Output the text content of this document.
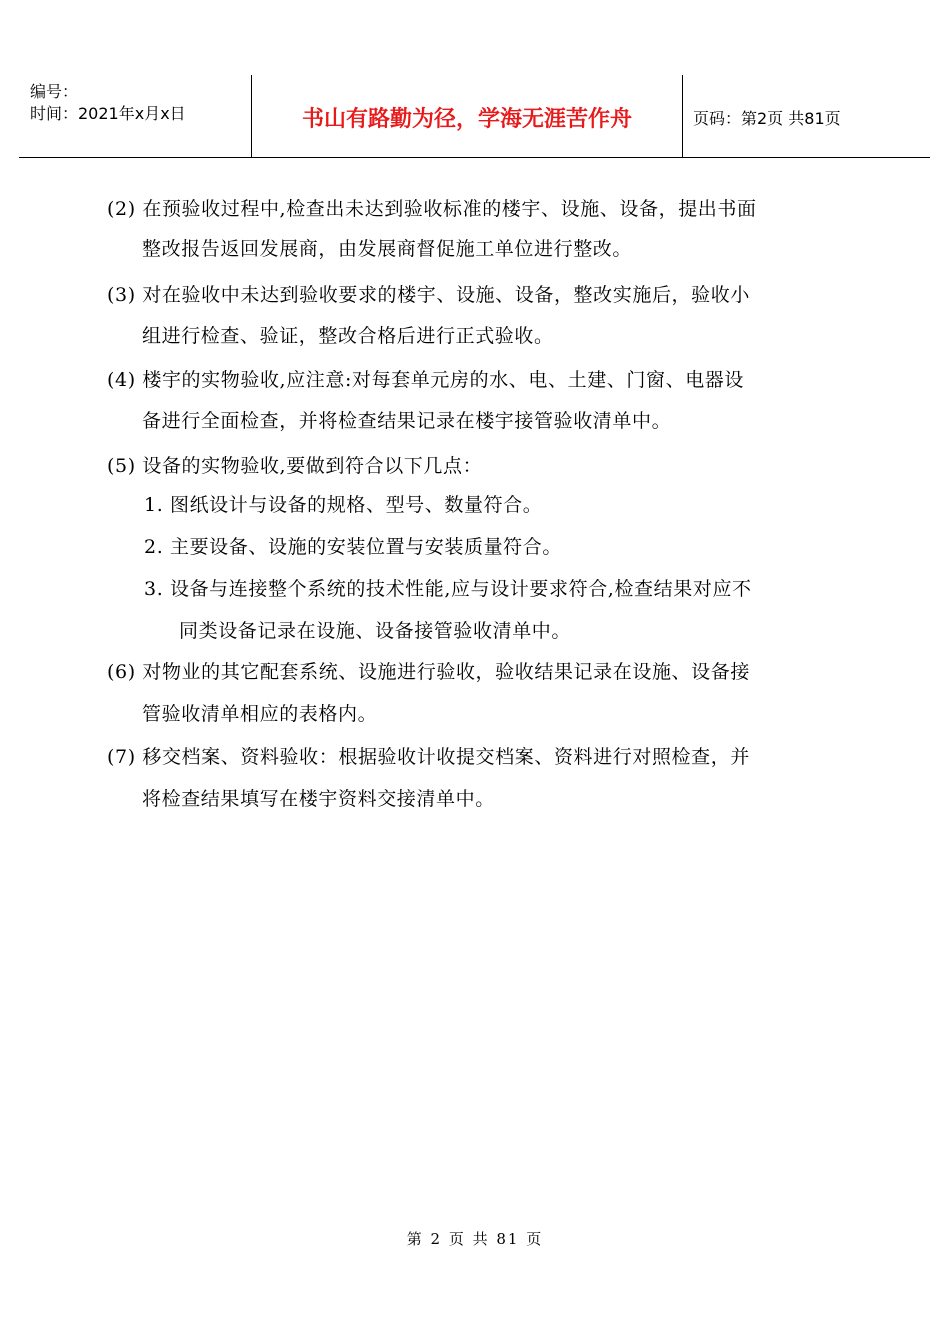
编号：
时间：2021年x月x日	书山有路勤为径，学海无涯苦作舟	页码：第2页 共81页
(2) 在预验收过程中,检查出未达到验收标准的楼宇、设施、设备，提出书面
整改报告返回发展商，由发展商督促施工单位进行整改。
(3) 对在验收中未达到验收要求的楼宇、设施、设备，整改实施后，验收小
组进行检查、验证，整改合格后进行正式验收。
(4) 楼宇的实物验收,应注意:对每套单元房的水、电、土建、门窗、电器设
备进行全面检查，并将检查结果记录在楼宇接管验收清单中。
(5) 设备的实物验收,要做到符合以下几点：
1. 图纸设计与设备的规格、型号、数量符合。
2. 主要设备、设施的安装位置与安装质量符合。
3. 设备与连接整个系统的技术性能,应与设计要求符合,检查结果对应不
同类设备记录在设施、设备接管验收清单中。
(6) 对物业的其它配套系统、设施进行验收，验收结果记录在设施、设备接
管验收清单相应的表格内。
(7) 移交档案、资料验收：根据验收计收提交档案、资料进行对照检查，并
将检查结果填写在楼宇资料交接清单中。
第 2 页 共 81 页
